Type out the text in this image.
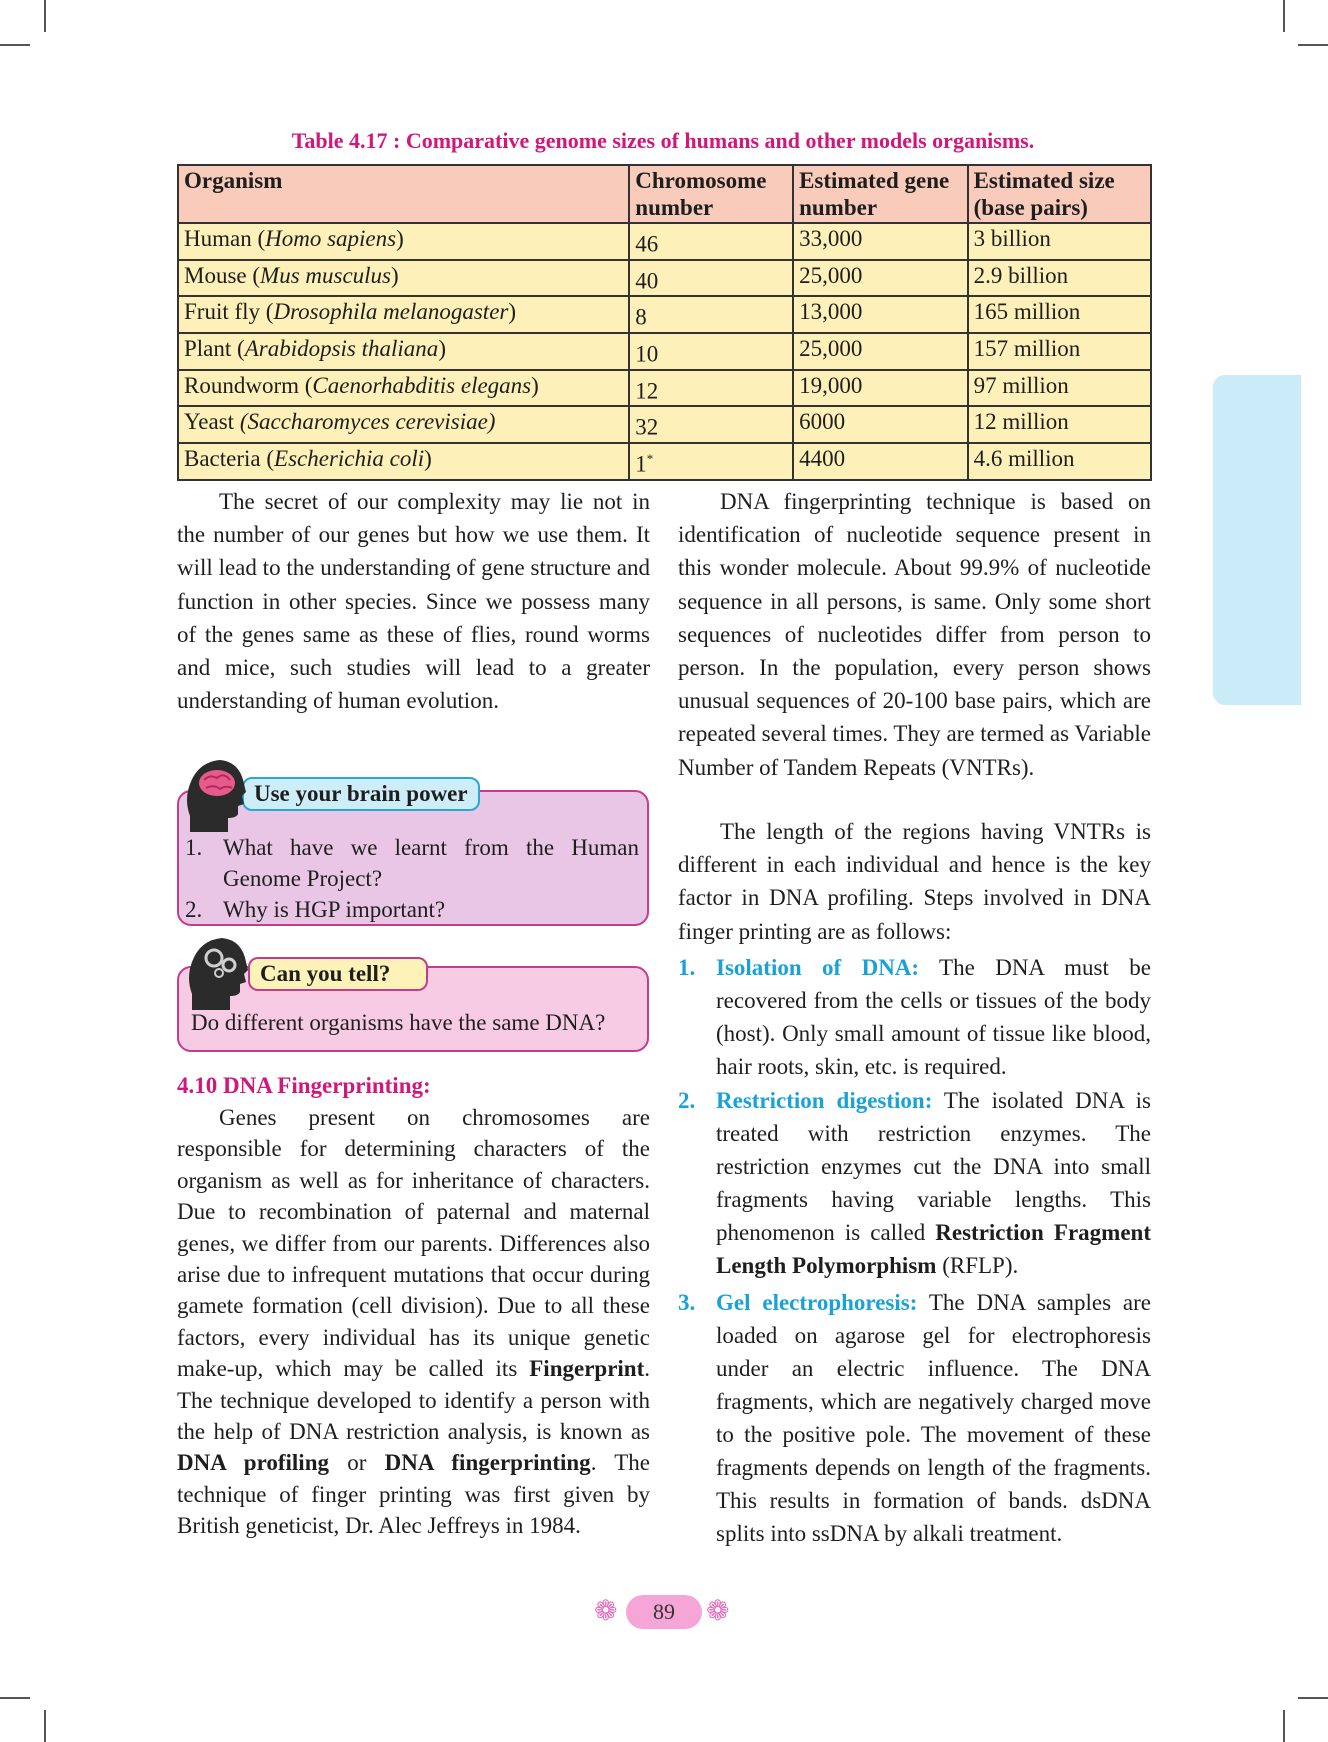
Table 4.17 : Comparative genome sizes of humans and other models organisms.
Organism	Chromosome number	Estimated gene number	Estimated size (base pairs)
Human (Homo sapiens)	46	33,000	3 billion
Mouse (Mus musculus)	40	25,000	2.9 billion
Fruit fly (Drosophila melanogaster)	8	13,000	165 million
Plant (Arabidopsis thaliana)	10	25,000	157 million
Roundworm (Caenorhabditis elegans)	12	19,000	97 million
Yeast (Saccharomyces cerevisiae)	32	6000	12 million
Bacteria (Escherichia coli)	1*	4400	4.6 million

The secret of our complexity may lie not in the number of our genes but how we use them. It will lead to the understanding of gene structure and function in other species. Since we possess many of the genes same as these of flies, round worms and mice, such studies will lead to a greater understanding of human evolution.

1. What have we learnt from the Human Genome Project?
2. Why is HGP important?
Use your brain power
Do different organisms have the same DNA?
Can you tell?
4.10 DNA Fingerprinting:

Genes present on chromosomes are responsible for determining characters of the organism as well as for inheritance of characters. Due to recombination of paternal and maternal genes, we differ from our parents. Differences also arise due to infrequent mutations that occur during gamete formation (cell division). Due to all these factors, every individual has its unique genetic make-up, which may be called its Fingerprint. The technique developed to identify a person with the help of DNA restriction analysis, is known as DNA profiling or DNA fingerprinting. The technique of finger printing was first given by British geneticist, Dr. Alec Jeffreys in 1984.

DNA fingerprinting technique is based on identification of nucleotide sequence present in this wonder molecule. About 99.9% of nucleotide sequence in all persons, is same. Only some short sequences of nucleotides differ from person to person. In the population, every person shows unusual sequences of 20-100 base pairs, which are repeated several times. They are termed as Variable Number of Tandem Repeats (VNTRs).

The length of the regions having VNTRs is different in each individual and hence is the key factor in DNA profiling. Steps involved in DNA finger printing are as follows:

1. Isolation of DNA: The DNA must be recovered from the cells or tissues of the body (host). Only small amount of tissue like blood, hair roots, skin, etc. is required.
2. Restriction digestion: The isolated DNA is treated with restriction enzymes. The restriction enzymes cut the DNA into small fragments having variable lengths. This phenomenon is called Restriction Fragment Length Polymorphism (RFLP).
3. Gel electrophoresis: The DNA samples are loaded on agarose gel for electrophoresis under an electric influence. The DNA fragments, which are negatively charged move to the positive pole. The movement of these fragments depends on length of the fragments. This results in formation of bands. dsDNA splits into ssDNA by alkali treatment.
❁	89	❁
